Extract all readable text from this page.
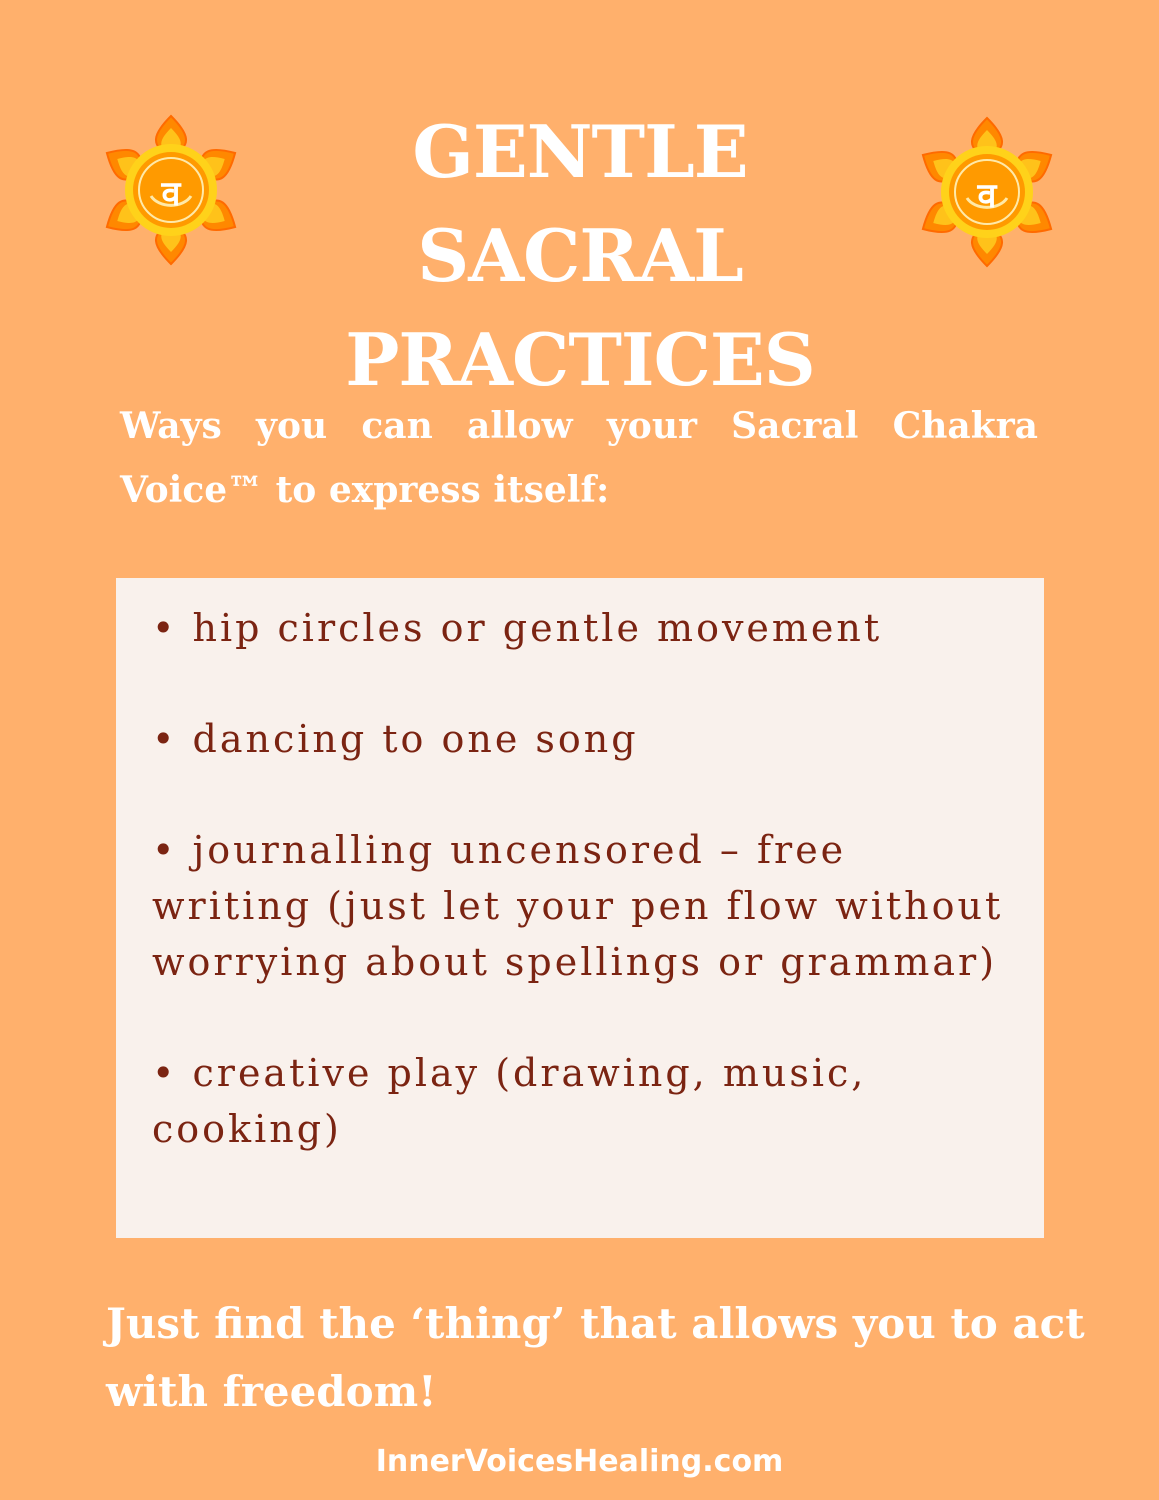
व	व
GENTLE SACRAL
PRACTICES

Ways you can allow your Sacral Chakra Voice™ to express itself:

• hip circles or gentle movement
• dancing to one song
• journalling uncensored – free writing (just let your pen flow without worrying about spellings or grammar)
• creative play (drawing, music, cooking)

Just find the ‘thing’ that allows you to act with freedom!

InnerVoicesHealing.com
